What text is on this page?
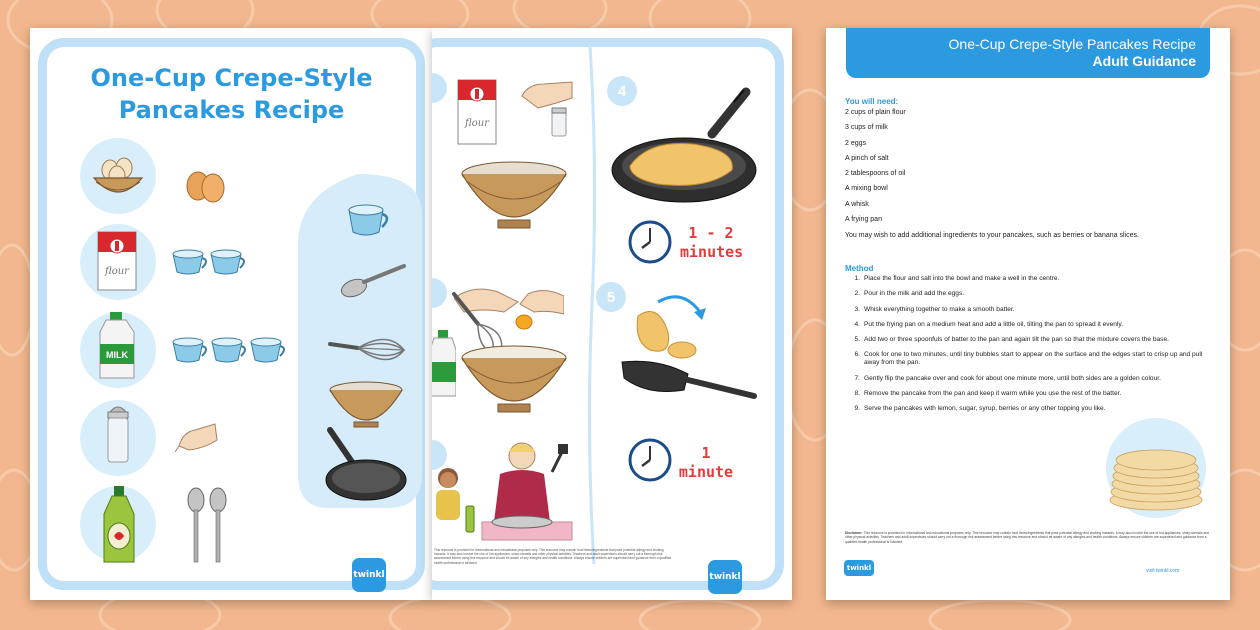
One-Cup Crepe-Style
Pancakes Recipe
flour
MILK
twinkl
flour
4
1 - 2
minutes
5
1
minute
This resource is provided for informational and educational purposes only. This resource may contain food items/ingredients that pose potential allergy and choking hazards. It may also involve the use of hot appliances, sharp utensils and other physical activities. Teachers and adult supervisors should carry out a thorough risk assessment before using this resource and should be aware of any allergies and health conditions. Always ensure children are supervised and guidance from a qualified health professional is followed.
twinkl
One-Cup Crepe-Style Pancakes Recipe
Adult Guidance
You will need:
2 cups of plain flour
3 cups of milk
2 eggs
A pinch of salt
2 tablespoons of oil
A mixing bowl
A whisk
A frying pan
You may wish to add additional ingredients to your pancakes, such as berries or banana slices.
Method
1. Place the flour and salt into the bowl and make a well in the centre.
2. Pour in the milk and add the eggs.
3. Whisk everything together to make a smooth batter.
4. Put the frying pan on a medium heat and add a little oil, tilting the pan to spread it evenly.
5. Add two or three spoonfuls of batter to the pan and again tilt the pan so that the mixture covers the base.
6. Cook for one to two minutes, until tiny bubbles start to appear on the surface and the edges start to crisp up and pull away from the pan.
7. Gently flip the pancake over and cook for about one minute more, until both sides are a golden colour.
8. Remove the pancake from the pan and keep it warm while you use the rest of the batter.
9. Serve the pancakes with lemon, sugar, syrup, berries or any other topping you like.
Disclaimer: This resource is provided for informational and educational purposes only. This resource may contain food items/ingredients that pose potential allergy and choking hazards. It may also involve the use of hot appliances, sharp utensils and other physical activities. Teachers and adult supervisors should carry out a thorough risk assessment before using this resource and should be aware of any allergies and health conditions. Always ensure children are supervised and guidance from a qualified health professional is followed.
twinkl	visit twinkl.com
